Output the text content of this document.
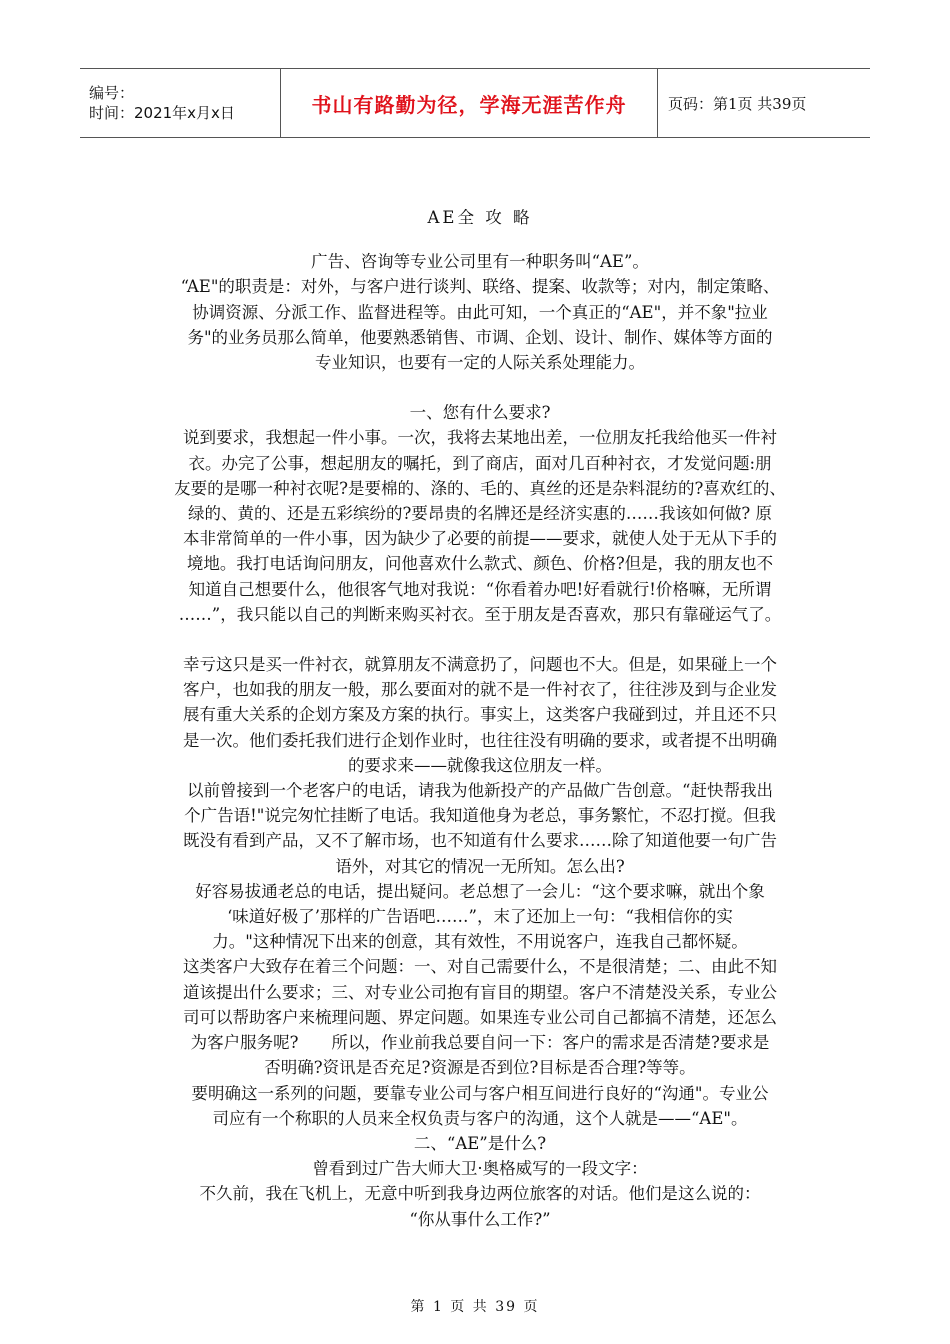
编号：
时间：2021年x月x日	书山有路勤为径，学海无涯苦作舟	页码：第1页 共39页

AE全 攻 略

广告、咨询等专业公司里有一种职务叫“AE”。

“AE"的职责是：对外，与客户进行谈判、联络、提案、收款等；对内，制定策略、

协调资源、分派工作、监督进程等。由此可知，一个真正的“AE"，并不象"拉业

务"的业务员那么简单，他要熟悉销售、市调、企划、设计、制作、媒体等方面的

专业知识，也要有一定的人际关系处理能力。

一、您有什么要求?

说到要求，我想起一件小事。一次，我将去某地出差，一位朋友托我给他买一件衬

衣。办完了公事，想起朋友的嘱托，到了商店，面对几百种衬衣，才发觉问题:朋

友要的是哪一种衬衣呢?是要棉的、涤的、毛的、真丝的还是杂料混纺的?喜欢红的、

绿的、黄的、还是五彩缤纷的?要昂贵的名牌还是经济实惠的……我该如何做? 原

本非常简单的一件小事，因为缺少了必要的前提——要求，就使人处于无从下手的

境地。我打电话询问朋友，问他喜欢什么款式、颜色、价格?但是，我的朋友也不

知道自己想要什么，他很客气地对我说：“你看着办吧!好看就行!价格嘛，无所谓

……”，我只能以自己的判断来购买衬衣。至于朋友是否喜欢，那只有靠碰运气了。

幸亏这只是买一件衬衣，就算朋友不满意扔了，问题也不大。但是，如果碰上一个

客户，也如我的朋友一般，那么要面对的就不是一件衬衣了，往往涉及到与企业发

展有重大关系的企划方案及方案的执行。事实上，这类客户我碰到过，并且还不只

是一次。他们委托我们进行企划作业时，也往往没有明确的要求，或者提不出明确

的要求来——就像我这位朋友一样。

以前曾接到一个老客户的电话，请我为他新投产的产品做广告创意。“赶快帮我出

个广告语!"说完匆忙挂断了电话。我知道他身为老总，事务繁忙，不忍打搅。但我

既没有看到产品，又不了解市场，也不知道有什么要求……除了知道他要一句广告

语外，对其它的情况一无所知。怎么出?

好容易拔通老总的电话，提出疑问。老总想了一会儿：“这个要求嘛，就出个象

‘味道好极了’那样的广告语吧……”，末了还加上一句：“我相信你的实

力。"这种情况下出来的创意，其有效性，不用说客户，连我自己都怀疑。

这类客户大致存在着三个问题：一、对自己需要什么，不是很清楚；二、由此不知

道该提出什么要求；三、对专业公司抱有盲目的期望。客户不清楚没关系，专业公

司可以帮助客户来梳理问题、界定问题。如果连专业公司自己都搞不清楚，还怎么

为客户服务呢?　　所以，作业前我总要自问一下：客户的需求是否清楚?要求是

否明确?资讯是否充足?资源是否到位?目标是否合理?等等。

要明确这一系列的问题，要靠专业公司与客户相互间进行良好的“沟通"。专业公

司应有一个称职的人员来全权负责与客户的沟通，这个人就是——“AE"。

二、“AE”是什么?

曾看到过广告大师大卫·奥格威写的一段文字：

不久前，我在飞机上，无意中听到我身边两位旅客的对话。他们是这么说的：

“你从事什么工作?”

第 1 页 共 39 页
